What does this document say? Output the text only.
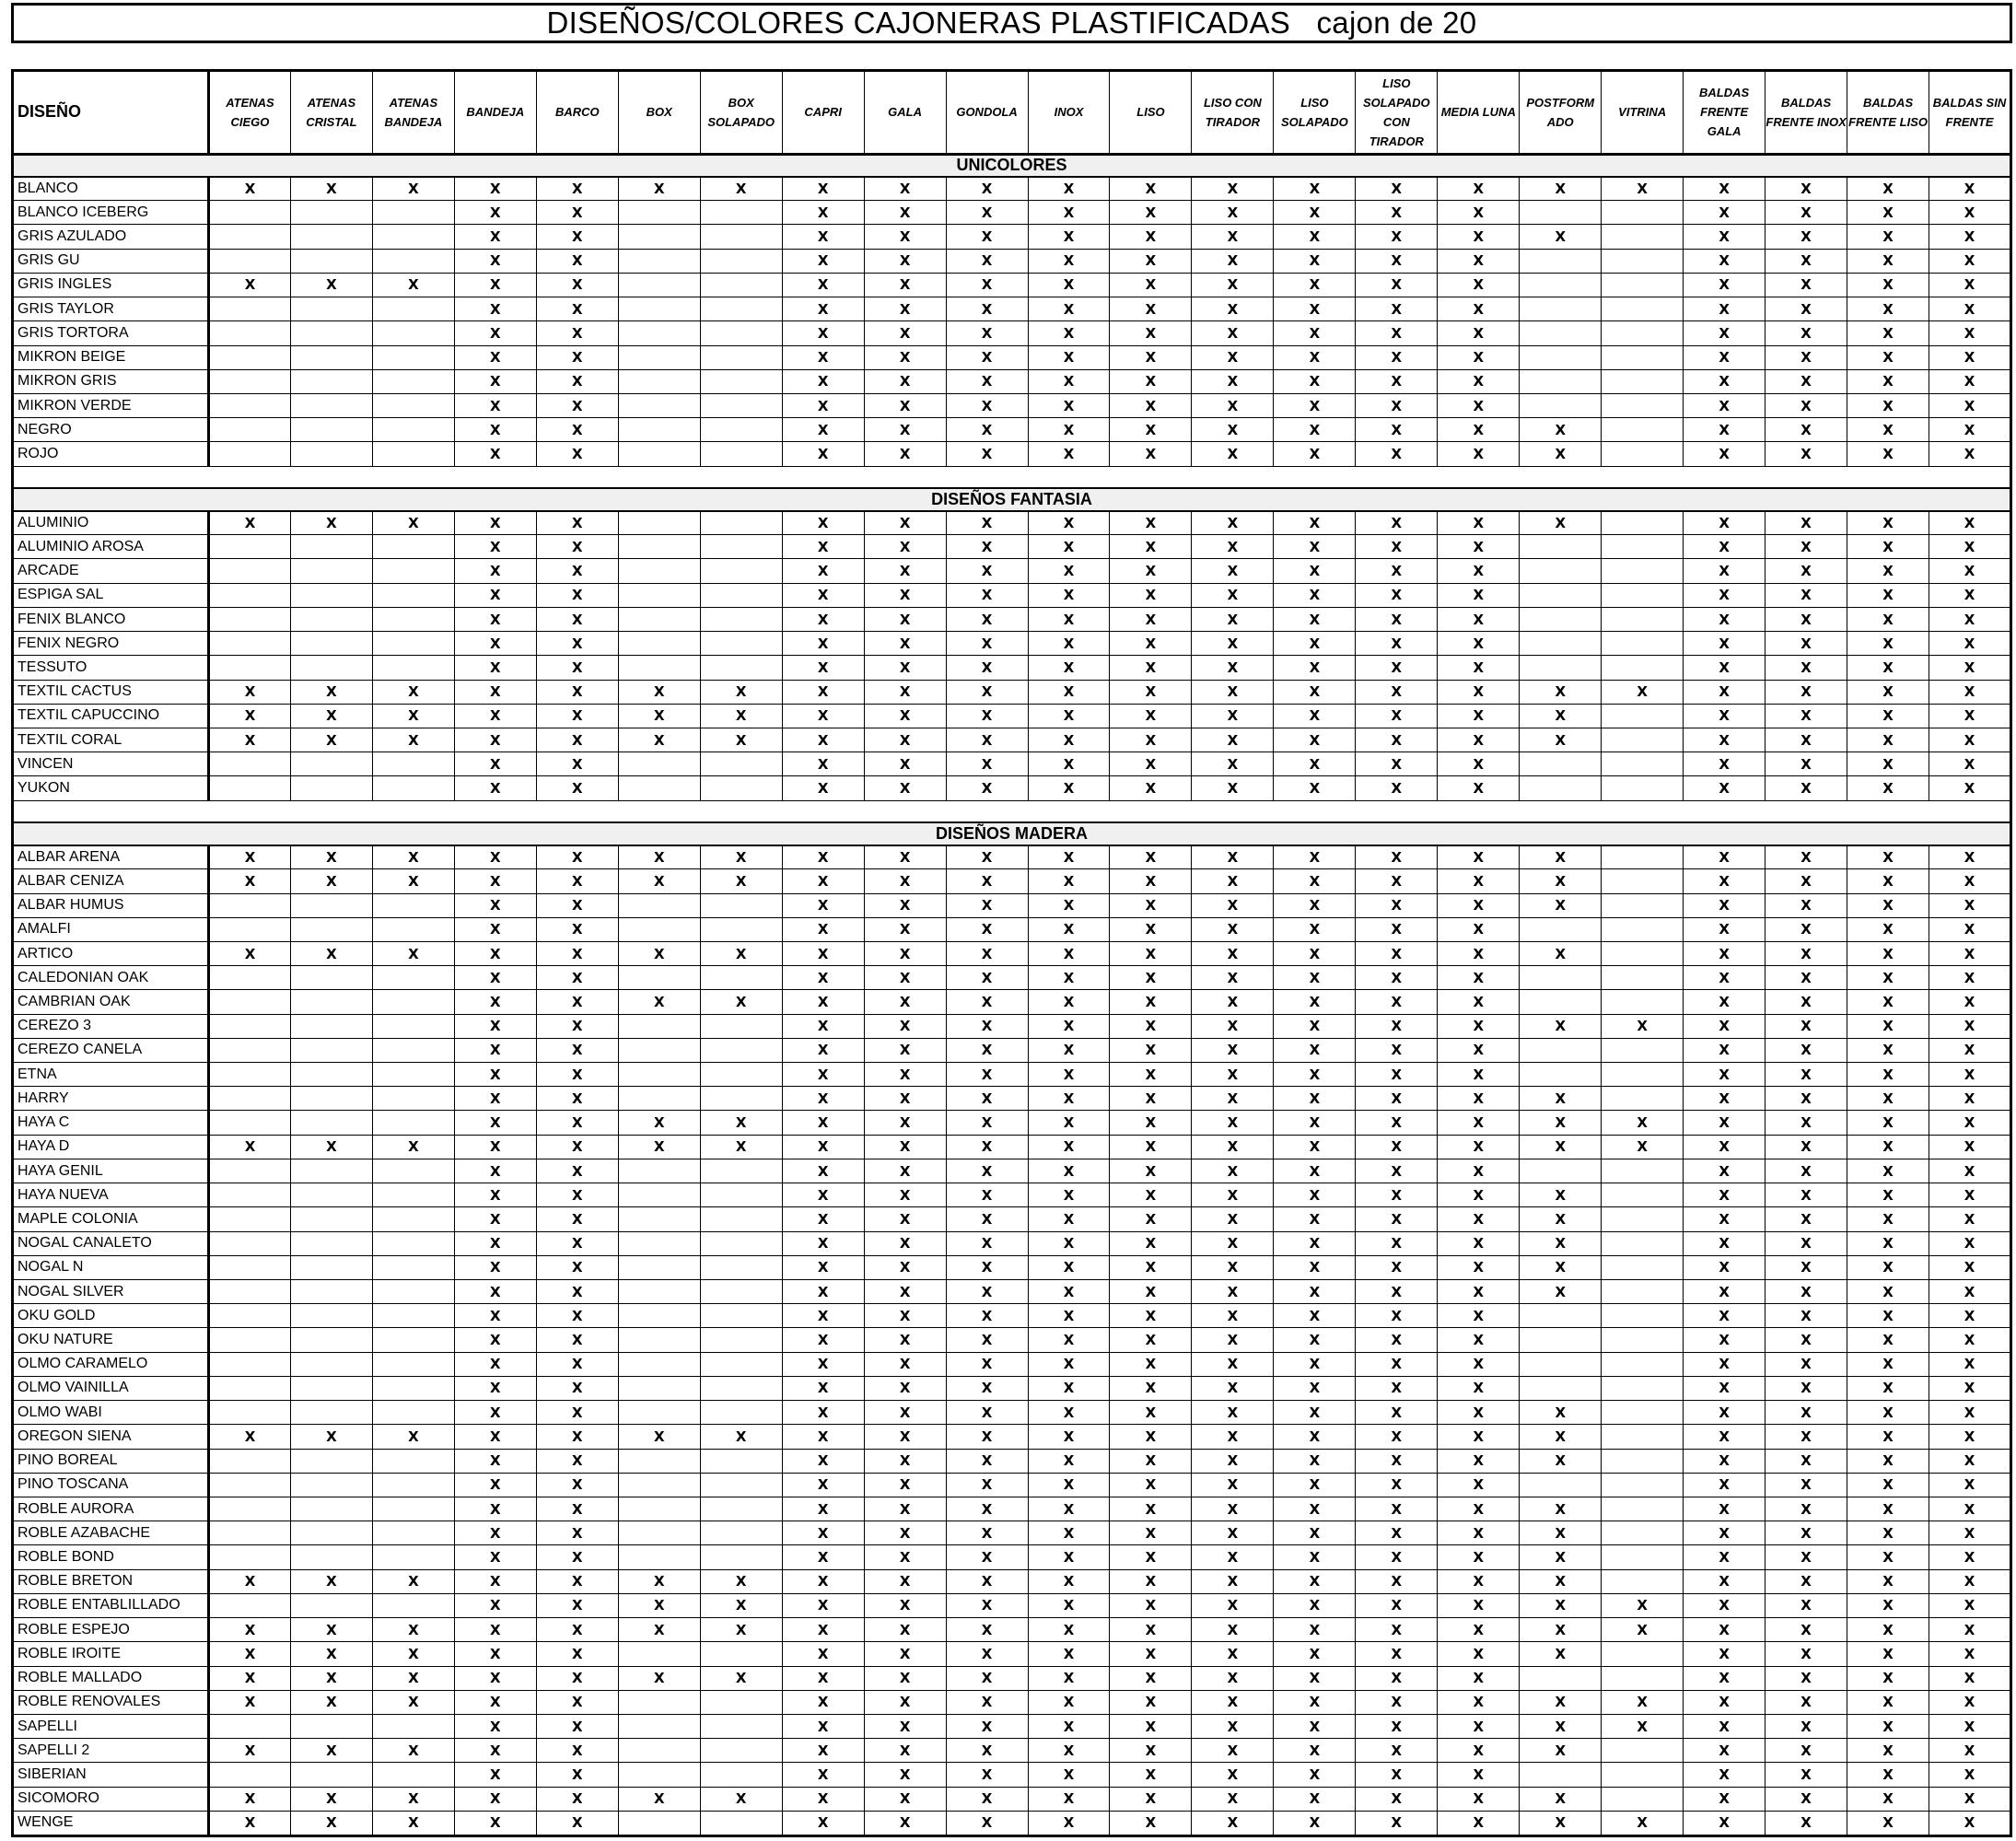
DISEÑOS/COLORES CAJONERAS PLASTIFICADAS   cajon de 20
DISEÑO	ATENAS CIEGO	ATENAS CRISTAL	ATENAS BANDEJA	BANDEJA	BARCO	BOX	BOX SOLAPADO	CAPRI	GALA	GONDOLA	INOX	LISO	LISO CON TIRADOR	LISO SOLAPADO	LISO SOLAPADO CON TIRADOR	MEDIA LUNA	POSTFORM ADO	VITRINA	BALDAS FRENTE GALA	BALDAS FRENTE INOX	BALDAS FRENTE LISO	BALDAS SIN FRENTE
UNICOLORES																						
BLANCO	X	X	X	X	X	X	X	X	X	X	X	X	X	X	X	X	X	X	X	X	X	X
BLANCO ICEBERG				X	X			X	X	X	X	X	X	X	X	X			X	X	X	X
GRIS AZULADO				X	X			X	X	X	X	X	X	X	X	X	X		X	X	X	X
GRIS GU				X	X			X	X	X	X	X	X	X	X	X			X	X	X	X
GRIS INGLES	X	X	X	X	X			X	X	X	X	X	X	X	X	X			X	X	X	X
GRIS TAYLOR				X	X			X	X	X	X	X	X	X	X	X			X	X	X	X
GRIS TORTORA				X	X			X	X	X	X	X	X	X	X	X			X	X	X	X
MIKRON BEIGE				X	X			X	X	X	X	X	X	X	X	X			X	X	X	X
MIKRON GRIS				X	X			X	X	X	X	X	X	X	X	X			X	X	X	X
MIKRON VERDE				X	X			X	X	X	X	X	X	X	X	X			X	X	X	X
NEGRO				X	X			X	X	X	X	X	X	X	X	X	X		X	X	X	X
ROJO				X	X			X	X	X	X	X	X	X	X	X	X		X	X	X	X

DISEÑOS FANTASIA																						
ALUMINIO	X	X	X	X	X			X	X	X	X	X	X	X	X	X	X		X	X	X	X
ALUMINIO AROSA				X	X			X	X	X	X	X	X	X	X	X			X	X	X	X
ARCADE				X	X			X	X	X	X	X	X	X	X	X			X	X	X	X
ESPIGA SAL				X	X			X	X	X	X	X	X	X	X	X			X	X	X	X
FENIX BLANCO				X	X			X	X	X	X	X	X	X	X	X			X	X	X	X
FENIX NEGRO				X	X			X	X	X	X	X	X	X	X	X			X	X	X	X
TESSUTO				X	X			X	X	X	X	X	X	X	X	X			X	X	X	X
TEXTIL CACTUS	X	X	X	X	X	X	X	X	X	X	X	X	X	X	X	X	X	X	X	X	X	X
TEXTIL CAPUCCINO	X	X	X	X	X	X	X	X	X	X	X	X	X	X	X	X	X		X	X	X	X
TEXTIL CORAL	X	X	X	X	X	X	X	X	X	X	X	X	X	X	X	X	X		X	X	X	X
VINCEN				X	X			X	X	X	X	X	X	X	X	X			X	X	X	X
YUKON				X	X			X	X	X	X	X	X	X	X	X			X	X	X	X

DISEÑOS MADERA																						
ALBAR ARENA	X	X	X	X	X	X	X	X	X	X	X	X	X	X	X	X	X		X	X	X	X
ALBAR CENIZA	X	X	X	X	X	X	X	X	X	X	X	X	X	X	X	X	X		X	X	X	X
ALBAR HUMUS				X	X			X	X	X	X	X	X	X	X	X	X		X	X	X	X
AMALFI				X	X			X	X	X	X	X	X	X	X	X			X	X	X	X
ARTICO	X	X	X	X	X	X	X	X	X	X	X	X	X	X	X	X	X		X	X	X	X
CALEDONIAN OAK				X	X			X	X	X	X	X	X	X	X	X			X	X	X	X
CAMBRIAN OAK				X	X	X	X	X	X	X	X	X	X	X	X	X			X	X	X	X
CEREZO 3				X	X			X	X	X	X	X	X	X	X	X	X	X	X	X	X	X
CEREZO CANELA				X	X			X	X	X	X	X	X	X	X	X			X	X	X	X
ETNA				X	X			X	X	X	X	X	X	X	X	X			X	X	X	X
HARRY				X	X			X	X	X	X	X	X	X	X	X	X		X	X	X	X
HAYA C				X	X	X	X	X	X	X	X	X	X	X	X	X	X	X	X	X	X	X
HAYA D	X	X	X	X	X	X	X	X	X	X	X	X	X	X	X	X	X	X	X	X	X	X
HAYA GENIL				X	X			X	X	X	X	X	X	X	X	X			X	X	X	X
HAYA NUEVA				X	X			X	X	X	X	X	X	X	X	X	X		X	X	X	X
MAPLE COLONIA				X	X			X	X	X	X	X	X	X	X	X	X		X	X	X	X
NOGAL CANALETO				X	X			X	X	X	X	X	X	X	X	X	X		X	X	X	X
NOGAL N				X	X			X	X	X	X	X	X	X	X	X	X		X	X	X	X
NOGAL SILVER				X	X			X	X	X	X	X	X	X	X	X	X		X	X	X	X
OKU GOLD				X	X			X	X	X	X	X	X	X	X	X			X	X	X	X
OKU NATURE				X	X			X	X	X	X	X	X	X	X	X			X	X	X	X
OLMO CARAMELO				X	X			X	X	X	X	X	X	X	X	X			X	X	X	X
OLMO VAINILLA				X	X			X	X	X	X	X	X	X	X	X			X	X	X	X
OLMO WABI				X	X			X	X	X	X	X	X	X	X	X	X		X	X	X	X
OREGON SIENA	X	X	X	X	X	X	X	X	X	X	X	X	X	X	X	X	X		X	X	X	X
PINO BOREAL				X	X			X	X	X	X	X	X	X	X	X	X		X	X	X	X
PINO TOSCANA				X	X			X	X	X	X	X	X	X	X	X			X	X	X	X
ROBLE AURORA				X	X			X	X	X	X	X	X	X	X	X	X		X	X	X	X
ROBLE AZABACHE				X	X			X	X	X	X	X	X	X	X	X	X		X	X	X	X
ROBLE BOND				X	X			X	X	X	X	X	X	X	X	X	X		X	X	X	X
ROBLE BRETON	X	X	X	X	X	X	X	X	X	X	X	X	X	X	X	X	X		X	X	X	X
ROBLE ENTABLILLADO				X	X	X	X	X	X	X	X	X	X	X	X	X	X	X	X	X	X	X
ROBLE ESPEJO	X	X	X	X	X	X	X	X	X	X	X	X	X	X	X	X	X	X	X	X	X	X
ROBLE IROITE	X	X	X	X	X			X	X	X	X	X	X	X	X	X	X		X	X	X	X
ROBLE MALLADO	X	X	X	X	X	X	X	X	X	X	X	X	X	X	X	X			X	X	X	X
ROBLE RENOVALES	X	X	X	X	X			X	X	X	X	X	X	X	X	X	X	X	X	X	X	X
SAPELLI				X	X			X	X	X	X	X	X	X	X	X	X	X	X	X	X	X
SAPELLI 2	X	X	X	X	X			X	X	X	X	X	X	X	X	X	X		X	X	X	X
SIBERIAN				X	X			X	X	X	X	X	X	X	X	X			X	X	X	X
SICOMORO	X	X	X	X	X	X	X	X	X	X	X	X	X	X	X	X	X		X	X	X	X
WENGE	X	X	X	X	X			X	X	X	X	X	X	X	X	X	X	X	X	X	X	X
